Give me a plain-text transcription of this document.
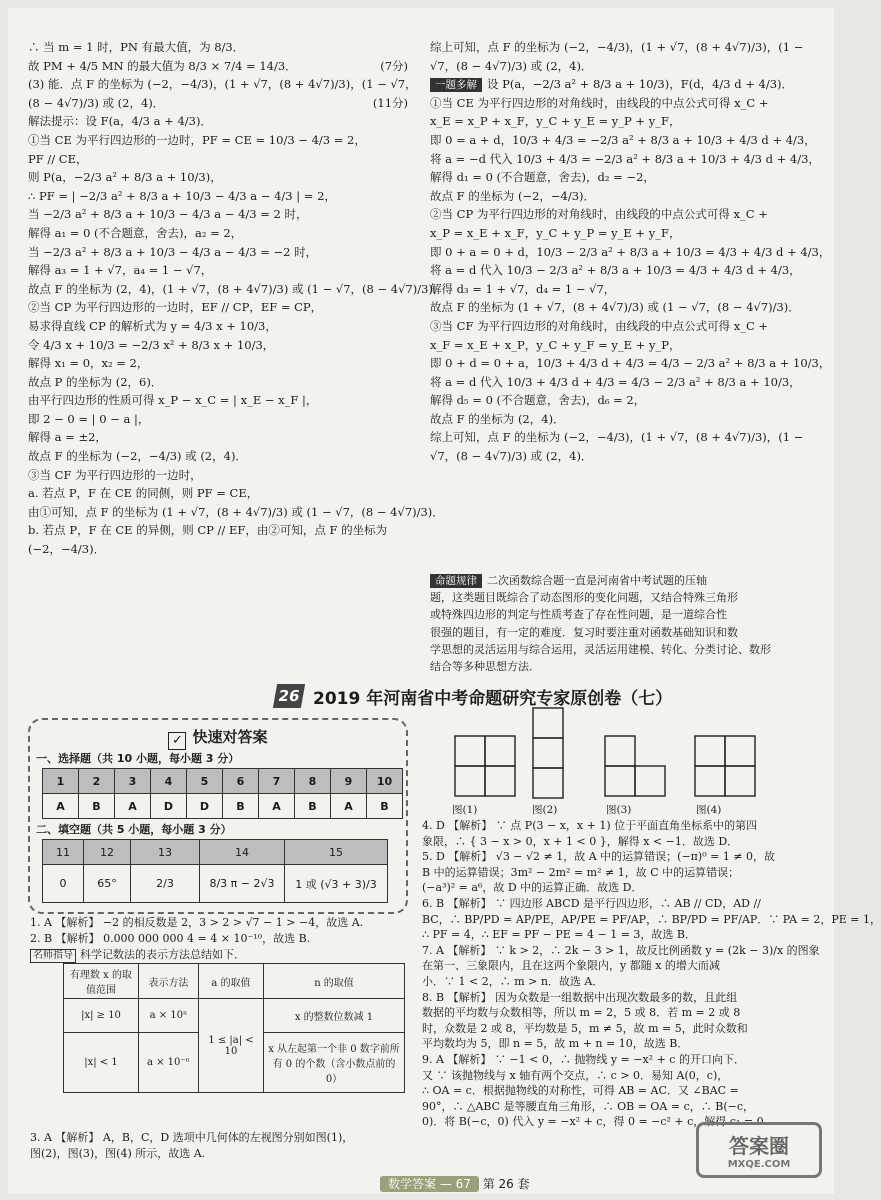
∴ 当 m = 1 时，PN 有最大值，为 8/3．
故 PM + 4/5 MN 的最大值为 8/3 × 7/4 = 14/3．	(7分)
(3) 能．点 F 的坐标为 (−2，−4/3)，(1 + √7，(8 + 4√7)/3)，(1 − √7，
(8 − 4√7)/3) 或 (2，4)．	(11分)
解法提示：设 F(a，4/3 a + 4/3)．
①当 CE 为平行四边形的一边时，PF = CE = 10/3 − 4/3 = 2，
PF // CE，
则 P(a，−2/3 a² + 8/3 a + 10/3)，
∴ PF = | −2/3 a² + 8/3 a + 10/3 − 4/3 a − 4/3 | = 2，
当 −2/3 a² + 8/3 a + 10/3 − 4/3 a − 4/3 = 2 时，
解得 a₁ = 0 (不合题意，舍去)，a₂ = 2，
当 −2/3 a² + 8/3 a + 10/3 − 4/3 a − 4/3 = −2 时，
解得 a₃ = 1 + √7，a₄ = 1 − √7，
故点 F 的坐标为 (2，4)，(1 + √7，(8 + 4√7)/3) 或 (1 − √7，(8 − 4√7)/3)．
②当 CP 为平行四边形的一边时，EF // CP，EF = CP，
易求得直线 CP 的解析式为 y = 4/3 x + 10/3，
令 4/3 x + 10/3 = −2/3 x² + 8/3 x + 10/3，
解得 x₁ = 0，x₂ = 2，
故点 P 的坐标为 (2，6)．
由平行四边形的性质可得 x_P − x_C = | x_E − x_F |，
即 2 − 0 = | 0 − a |，
解得 a = ±2，
故点 F 的坐标为 (−2，−4/3) 或 (2，4)．
③当 CF 为平行四边形的一边时，
a. 若点 P，F 在 CE 的同侧，则 PF = CE，
由①可知，点 F 的坐标为 (1 + √7，(8 + 4√7)/3) 或 (1 − √7，(8 − 4√7)/3)．
b. 若点 P，F 在 CE 的异侧，则 CP // EF，由②可知，点 F 的坐标为
(−2，−4/3)．
综上可知，点 F 的坐标为 (−2，−4/3)，(1 + √7，(8 + 4√7)/3)，(1 −
√7，(8 − 4√7)/3) 或 (2，4)．
一题多解 设 P(a，−2/3 a² + 8/3 a + 10/3)，F(d，4/3 d + 4/3)．
①当 CE 为平行四边形的对角线时，由线段的中点公式可得 x_C +
x_E = x_P + x_F，y_C + y_E = y_P + y_F，
即 0 = a + d，10/3 + 4/3 = −2/3 a² + 8/3 a + 10/3 + 4/3 d + 4/3，
将 a = −d 代入 10/3 + 4/3 = −2/3 a² + 8/3 a + 10/3 + 4/3 d + 4/3，
解得 d₁ = 0 (不合题意，舍去)，d₂ = −2，
故点 F 的坐标为 (−2，−4/3)．
②当 CP 为平行四边形的对角线时，由线段的中点公式可得 x_C +
x_P = x_E + x_F，y_C + y_P = y_E + y_F，
即 0 + a = 0 + d，10/3 − 2/3 a² + 8/3 a + 10/3 = 4/3 + 4/3 d + 4/3，
将 a = d 代入 10/3 − 2/3 a² + 8/3 a + 10/3 = 4/3 + 4/3 d + 4/3，
解得 d₃ = 1 + √7，d₄ = 1 − √7，
故点 F 的坐标为 (1 + √7，(8 + 4√7)/3) 或 (1 − √7，(8 − 4√7)/3)．
③当 CF 为平行四边形的对角线时，由线段的中点公式可得 x_C +
x_F = x_E + x_P，y_C + y_F = y_E + y_P，
即 0 + d = 0 + a，10/3 + 4/3 d + 4/3 = 4/3 − 2/3 a² + 8/3 a + 10/3，
将 a = d 代入 10/3 + 4/3 d + 4/3 = 4/3 − 2/3 a² + 8/3 a + 10/3，
解得 d₅ = 0 (不合题意，舍去)，d₆ = 2，
故点 F 的坐标为 (2，4)．
综上可知，点 F 的坐标为 (−2，−4/3)，(1 + √7，(8 + 4√7)/3)，(1 −
√7，(8 − 4√7)/3) 或 (2，4)．
命题规律 二次函数综合题一直是河南省中考试题的压轴
题，这类题目既综合了动态图形的变化问题，又结合特殊三角形
或特殊四边形的判定与性质考查了存在性问题，是一道综合性
很强的题目，有一定的难度．复习时要注重对函数基础知识和数
学思想的灵活运用与综合运用，灵活运用建模、转化、分类讨论、数形
结合等多种思想方法．
26 2019 年河南省中考命题研究专家原创卷（七）
✓ 快速对答案
一、选择题（共 10 小题，每小题 3 分）
1	2	3	4	5	6	7	8	9	10
A	B	A	D	D	B	A	B	A	B
二、填空题（共 5 小题，每小题 3 分）
11	12	13	14	15
0	65°	2/3	8/3 π − 2√3	1 或 (√3 + 3)/3
图(1)	图(2)	图(3)	图(4)
1. A 【解析】 −2 的相反数是 2，3 > 2 > √7 − 1 > −4，故选 A.
2. B 【解析】 0.000 000 000 4 = 4 × 10⁻¹⁰，故选 B.
名师指导 科学记数法的表示方法总结如下．
有理数 x 的取值范围	表示方法	a 的取值	n 的取值
|x| ≥ 10	a × 10ⁿ	1 ≤ |a| < 10	x 的整数位数减 1
|x| < 1	a × 10⁻ⁿ		x 从左起第一个非 0 数字前所有 0 的个数（含小数点前的 0）
3. A 【解析】 A，B，C，D 选项中几何体的左视图分别如图(1)，
图(2)，图(3)，图(4) 所示，故选 A.
4. D 【解析】 ∵ 点 P(3 − x，x + 1) 位于平面直角坐标系中的第四
象限，∴ { 3 − x > 0，x + 1 < 0 }，解得 x < −1．故选 D．
5. D 【解析】 √3 − √2 ≠ 1，故 A 中的运算错误；(−π)⁰ = 1 ≠ 0，故
B 中的运算错误；3m² − 2m² = m² ≠ 1，故 C 中的运算错误；
(−a³)² = a⁶，故 D 中的运算正确．故选 D．
6. B 【解析】 ∵ 四边形 ABCD 是平行四边形，∴ AB // CD，AD //
BC，∴ BP/PD = AP/PE，AP/PE = PF/AP，∴ BP/PD = PF/AP．∵ PA = 2，PE = 1，
∴ PF = 4，∴ EF = PF − PE = 4 − 1 = 3，故选 B．
7. A 【解析】 ∵ k > 2，∴ 2k − 3 > 1，故反比例函数 y = (2k − 3)/x 的图象
在第一、三象限内，且在这两个象限内，y 都随 x 的增大而减
小．∵ 1 < 2，∴ m > n．故选 A．
8. B 【解析】 因为众数是一组数据中出现次数最多的数，且此组
数据的平均数与众数相等，所以 m = 2，5 或 8．若 m = 2 或 8
时，众数是 2 或 8，平均数是 5，m ≠ 5，故 m = 5，此时众数和
平均数均为 5，即 n = 5，故 m + n = 10，故选 B．
9. A 【解析】 ∵ −1 < 0，∴ 抛物线 y = −x² + c 的开口向下．
又 ∵ 该抛物线与 x 轴有两个交点，∴ c > 0．易知 A(0，c)，
∴ OA = c．根据抛物线的对称性，可得 AB = AC．又 ∠BAC =
90°，∴ △ABC 是等腰直角三角形，∴ OB = OA = c，∴ B(−c，
0)．将 B(−c，0) 代入 y = −x² + c，得 0 = −c² + c，解得 c₁ = 0
数学答案 — 67 第 26 套
答案圈
MXQE.COM
